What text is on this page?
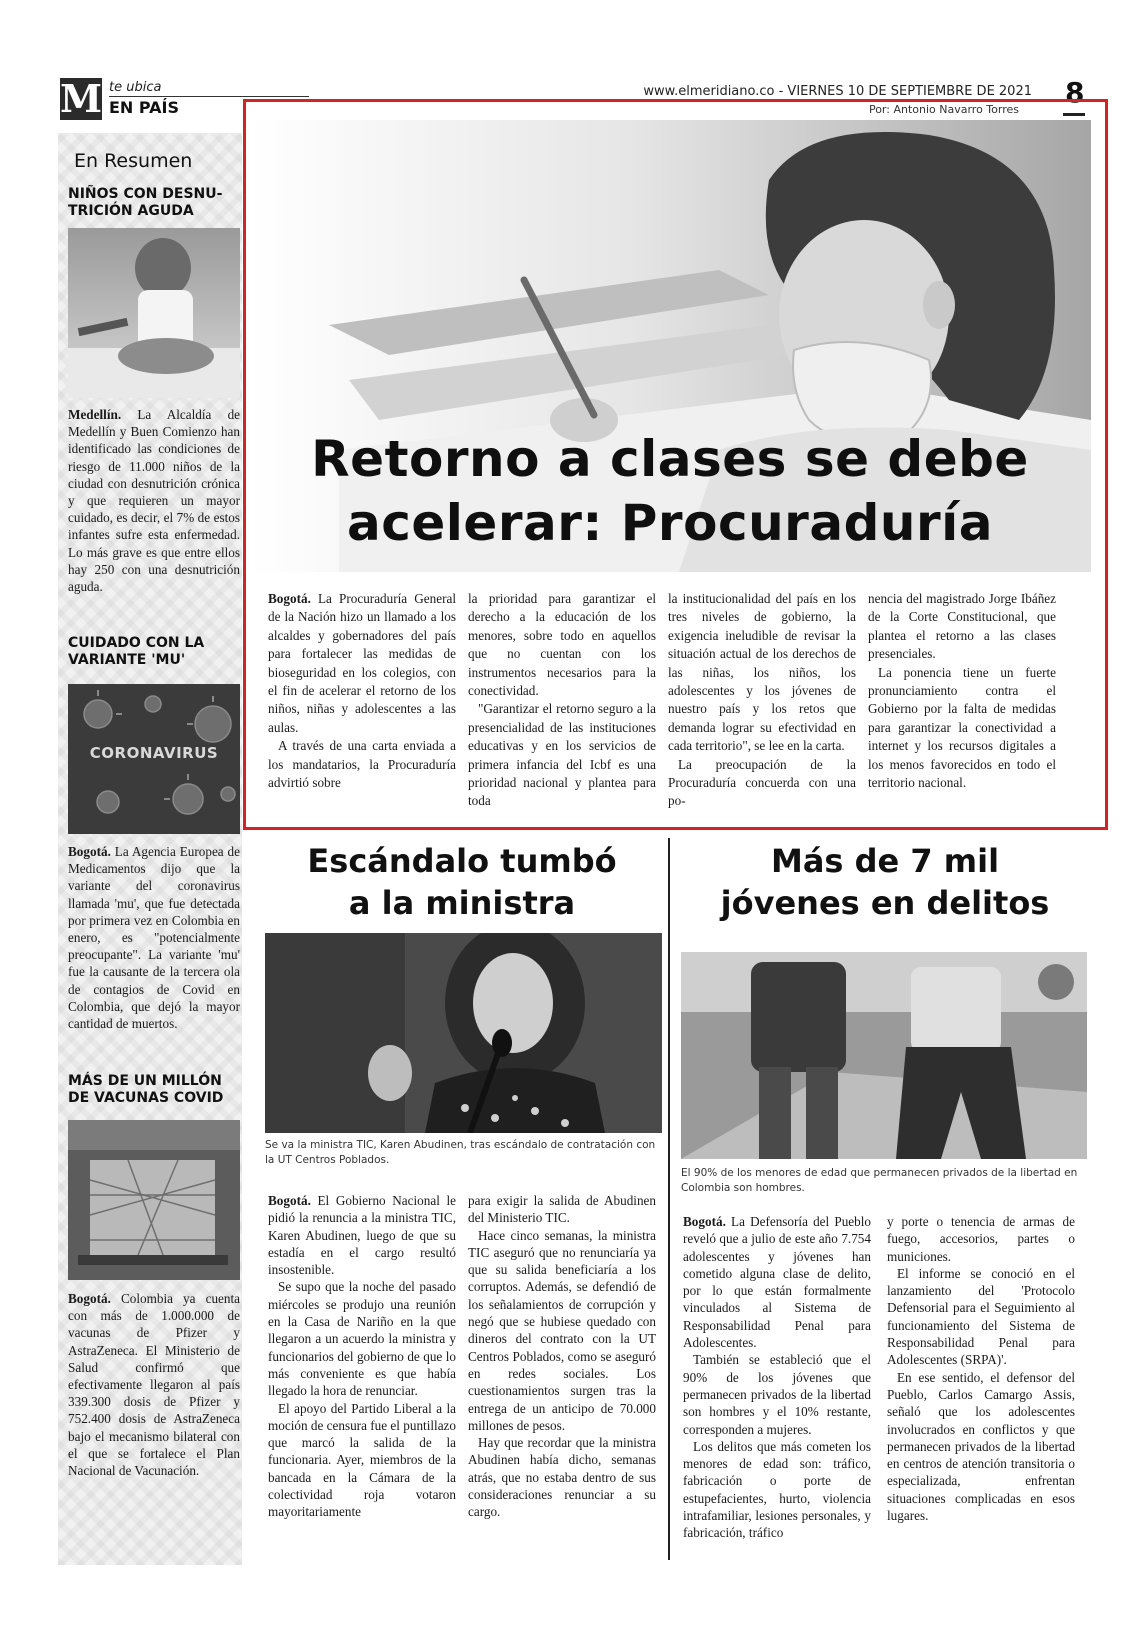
M te ubica
EN PAÍS
www.elmeridiano.co - VIERNES 10 DE SEPTIEMBRE DE 2021 8
Por: Antonio Navarro Torres
En Resumen
NIÑOS CON DESNU-TRICIÓN AGUDA
Medellín. La Alcaldía de Medellín y Buen Comienzo han identificado las condiciones de riesgo de 11.000 niños de la ciudad con desnutrición crónica y que requieren un mayor cuidado, es decir, el 7% de estos infantes sufre esta enfermedad. Lo más grave es que entre ellos hay 250 con una desnutrición aguda.
CUIDADO CON LA VARIANTE 'MU'
CORONAVIRUS
Bogotá. La Agencia Europea de Medicamentos dijo que la variante del coronavirus llamada 'mu', que fue detectada por primera vez en Colombia en enero, es "potencialmente preocupante". La variante 'mu' fue la causante de la tercera ola de contagios de Covid en Colombia, que dejó la mayor cantidad de muertos.
MÁS DE UN MILLÓN DE VACUNAS COVID
Bogotá. Colombia ya cuenta con más de 1.000.000 de vacunas de Pfizer y AstraZeneca. El Ministerio de Salud confirmó que efectivamente llegaron al país 339.300 dosis de Pfizer y 752.400 dosis de AstraZeneca bajo el mecanismo bilateral con el que se fortalece el Plan Nacional de Vacunación.
Retorno a clases se debe
acelerar: Procuraduría

Bogotá. La Procuraduría General de la Nación hizo un llamado a los alcaldes y gobernadores del país para fortalecer las medidas de bioseguridad en los colegios, con el fin de acelerar el retorno de los niños, niñas y adolescentes a las aulas.

A través de una carta enviada a los mandatarios, la Procuraduría advirtió sobre

la prioridad para garantizar el derecho a la educación de los menores, sobre todo en aquellos que no cuentan con los instrumentos necesarios para la conectividad.

"Garantizar el retorno seguro a la presencialidad de las instituciones educativas y en los servicios de primera infancia del Icbf es una prioridad nacional y plantea para toda

la institucionalidad del país en los tres niveles de gobierno, la exigencia ineludible de revisar la situación actual de los derechos de las niñas, los niños, los adolescentes y los jóvenes de nuestro país y los retos que demanda lograr su efectividad en cada territorio", se lee en la carta.

La preocupación de la Procuraduría concuerda con una po-

nencia del magistrado Jorge Ibáñez de la Corte Constitucional, que plantea el retorno a las clases presenciales.

La ponencia tiene un fuerte pronunciamiento contra el Gobierno por la falta de medidas para garantizar la conectividad a internet y los recursos digitales a los menos favorecidos en todo el territorio nacional.

Escándalo tumbó
a la ministra
Se va la ministra TIC, Karen Abudinen, tras escándalo de contratación con la UT Centros Poblados.

Bogotá. El Gobierno Nacional le pidió la renuncia a la ministra TIC, Karen Abudinen, luego de que su estadía en el cargo resultó insostenible.

Se supo que la noche del pasado miércoles se produjo una reunión en la Casa de Nariño en la que llegaron a un acuerdo la ministra y funcionarios del gobierno de que lo más conveniente es que había llegado la hora de renunciar.

El apoyo del Partido Liberal a la moción de censura fue el puntillazo que marcó la salida de la funcionaria. Ayer, miembros de la bancada en la Cámara de la colectividad roja votaron mayoritariamente

para exigir la salida de Abudinen del Ministerio TIC.

Hace cinco semanas, la ministra TIC aseguró que no renunciaría ya que su salida beneficiaría a los corruptos. Además, se defendió de los señalamientos de corrupción y negó que se hubiese quedado con dineros del contrato con la UT Centros Poblados, como se aseguró en redes sociales. Los cuestionamientos surgen tras la entrega de un anticipo de 70.000 millones de pesos.

Hay que recordar que la ministra Abudinen había dicho, semanas atrás, que no estaba dentro de sus consideraciones renunciar a su cargo.

Más de 7 mil
jóvenes en delitos
El 90% de los menores de edad que permanecen privados de la libertad en Colombia son hombres.

Bogotá. La Defensoría del Pueblo reveló que a julio de este año 7.754 adolescentes y jóvenes han cometido alguna clase de delito, por lo que están formalmente vinculados al Sistema de Responsabilidad Penal para Adolescentes.

También se estableció que el 90% de los jóvenes que permanecen privados de la libertad son hombres y el 10% restante, corresponden a mujeres.

Los delitos que más cometen los menores de edad son: tráfico, fabricación o porte de estupefacientes, hurto, violencia intrafamiliar, lesiones personales, y fabricación, tráfico

y porte o tenencia de armas de fuego, accesorios, partes o municiones.

El informe se conoció en el lanzamiento del 'Protocolo Defensorial para el Seguimiento al funcionamiento del Sistema de Responsabilidad Penal para Adolescentes (SRPA)'.

En ese sentido, el defensor del Pueblo, Carlos Camargo Assis, señaló que los adolescentes involucrados en conflictos y que permanecen privados de la libertad en centros de atención transitoria o especializada, enfrentan situaciones complicadas en esos lugares.
